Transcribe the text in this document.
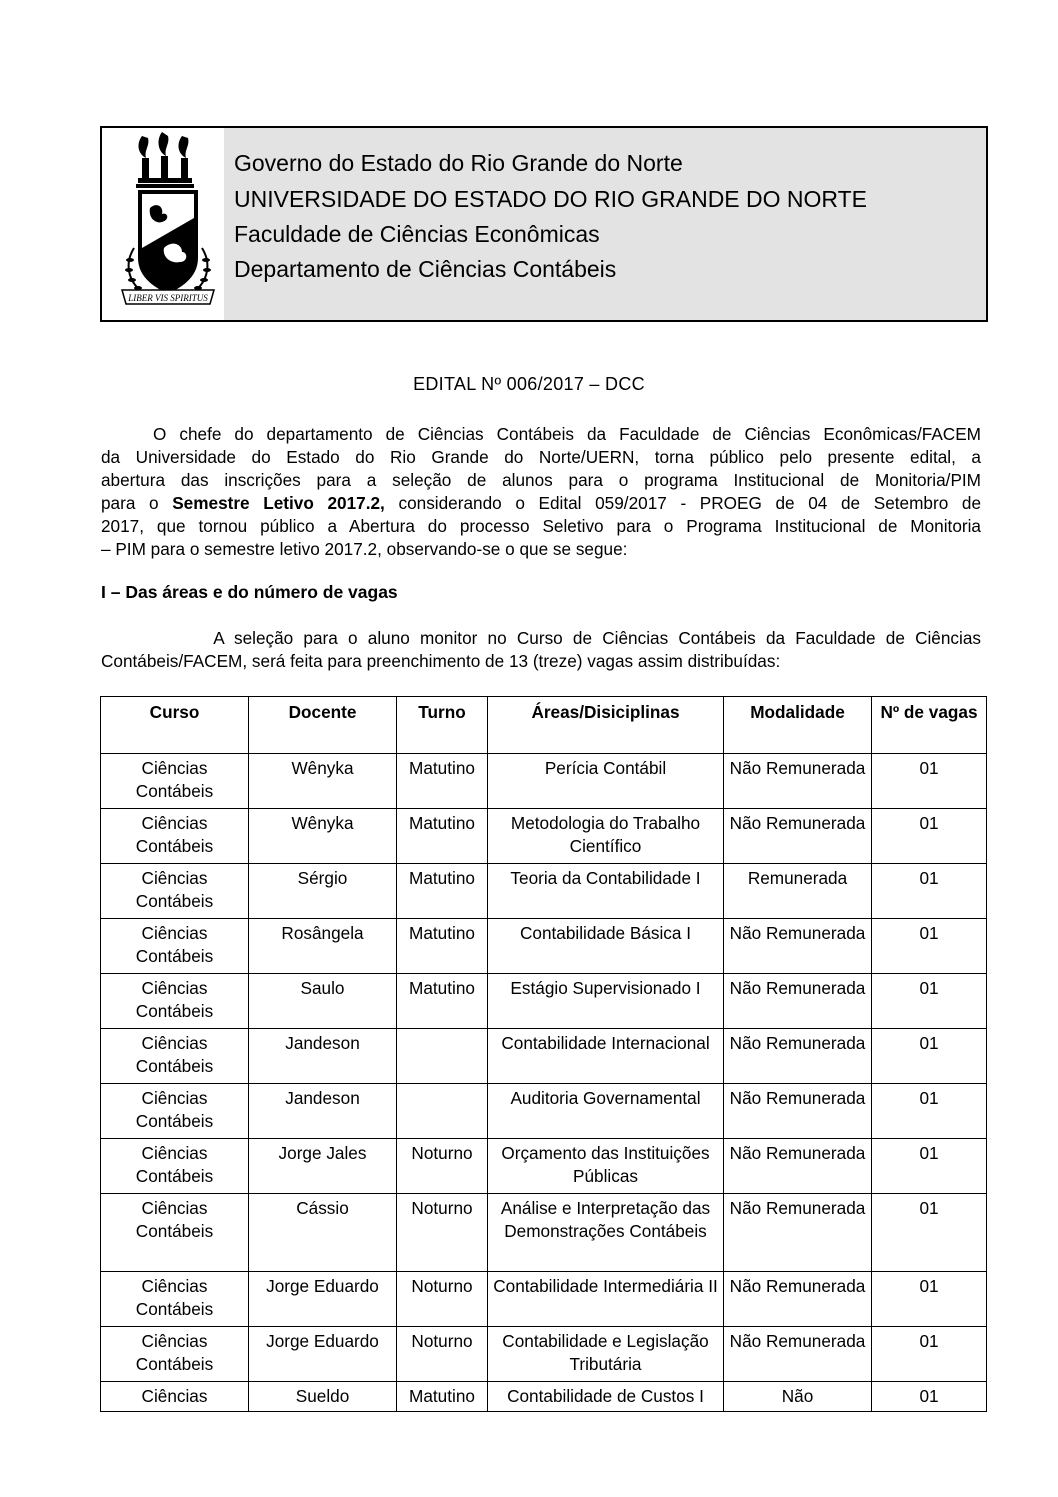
LIBER VIS SPIRITUS
Governo do Estado do Rio Grande do Norte
UNIVERSIDADE DO ESTADO DO RIO GRANDE DO NORTE
Faculdade de Ciências Econômicas
Departamento de Ciências Contábeis
EDITAL Nº 006/2017 – DCC
O chefe do departamento de Ciências Contábeis da Faculdade de Ciências Econômicas/FACEM
da Universidade do Estado do Rio Grande do Norte/UERN, torna público pelo presente edital, a
abertura das inscrições para a seleção de alunos para o programa Institucional de Monitoria/PIM
para o Semestre Letivo 2017.2, considerando o Edital 059/2017 - PROEG de 04 de Setembro de
2017, que tornou público a Abertura do processo Seletivo para o Programa Institucional de Monitoria
– PIM para o semestre letivo 2017.2, observando-se o que se segue:
I – Das áreas e do número de vagas
A seleção para o aluno monitor no Curso de Ciências Contábeis da Faculdade de Ciências
Contábeis/FACEM, será feita para preenchimento de 13 (treze) vagas assim distribuídas:
Curso	Docente	Turno	Áreas/Disiciplinas	Modalidade	Nº de vagas
Ciências Contábeis	Wênyka	Matutino	Perícia Contábil	Não Remunerada	01
Ciências Contábeis	Wênyka	Matutino	Metodologia do Trabalho Científico	Não Remunerada	01
Ciências Contábeis	Sérgio	Matutino	Teoria da Contabilidade I	Remunerada	01
Ciências Contábeis	Rosângela	Matutino	Contabilidade Básica I	Não Remunerada	01
Ciências Contábeis	Saulo	Matutino	Estágio Supervisionado I	Não Remunerada	01
Ciências Contábeis	Jandeson		Contabilidade Internacional	Não Remunerada	01
Ciências Contábeis	Jandeson		Auditoria Governamental	Não Remunerada	01
Ciências Contábeis	Jorge Jales	Noturno	Orçamento das Instituições Públicas	Não Remunerada	01
Ciências Contábeis	Cássio	Noturno	Análise e Interpretação das Demonstrações Contábeis	Não Remunerada	01
Ciências Contábeis	Jorge Eduardo	Noturno	Contabilidade Intermediária II	Não Remunerada	01
Ciências Contábeis	Jorge Eduardo	Noturno	Contabilidade e Legislação Tributária	Não Remunerada	01
Ciências	Sueldo	Matutino	Contabilidade de Custos I	Não	01
